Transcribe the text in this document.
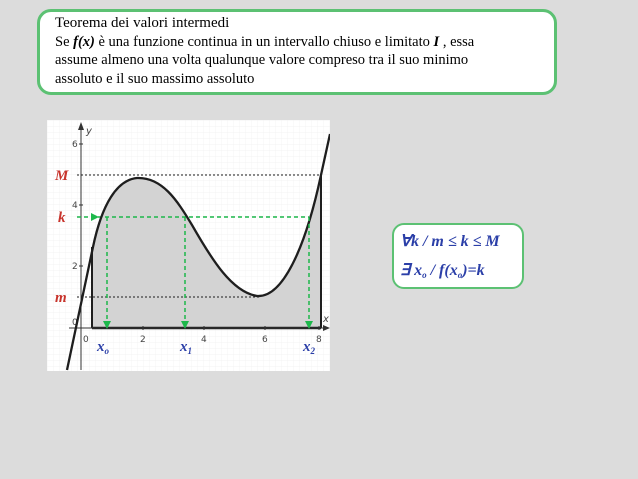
Teorema dei valori intermedi
Se f(x) è una funzione continua in un intervallo chiuso e limitato I , essa
assume almeno una volta qualunque valore compreso tra il suo minimo
assoluto e il suo massimo assoluto
y
x
6
4
2
0
0	2	4	6	8
M
k
m
$x_o$	$x_1$	$x_2$
∀k / m ≤ k ≤ M
∃ $x_o / f(x_o)=k$
